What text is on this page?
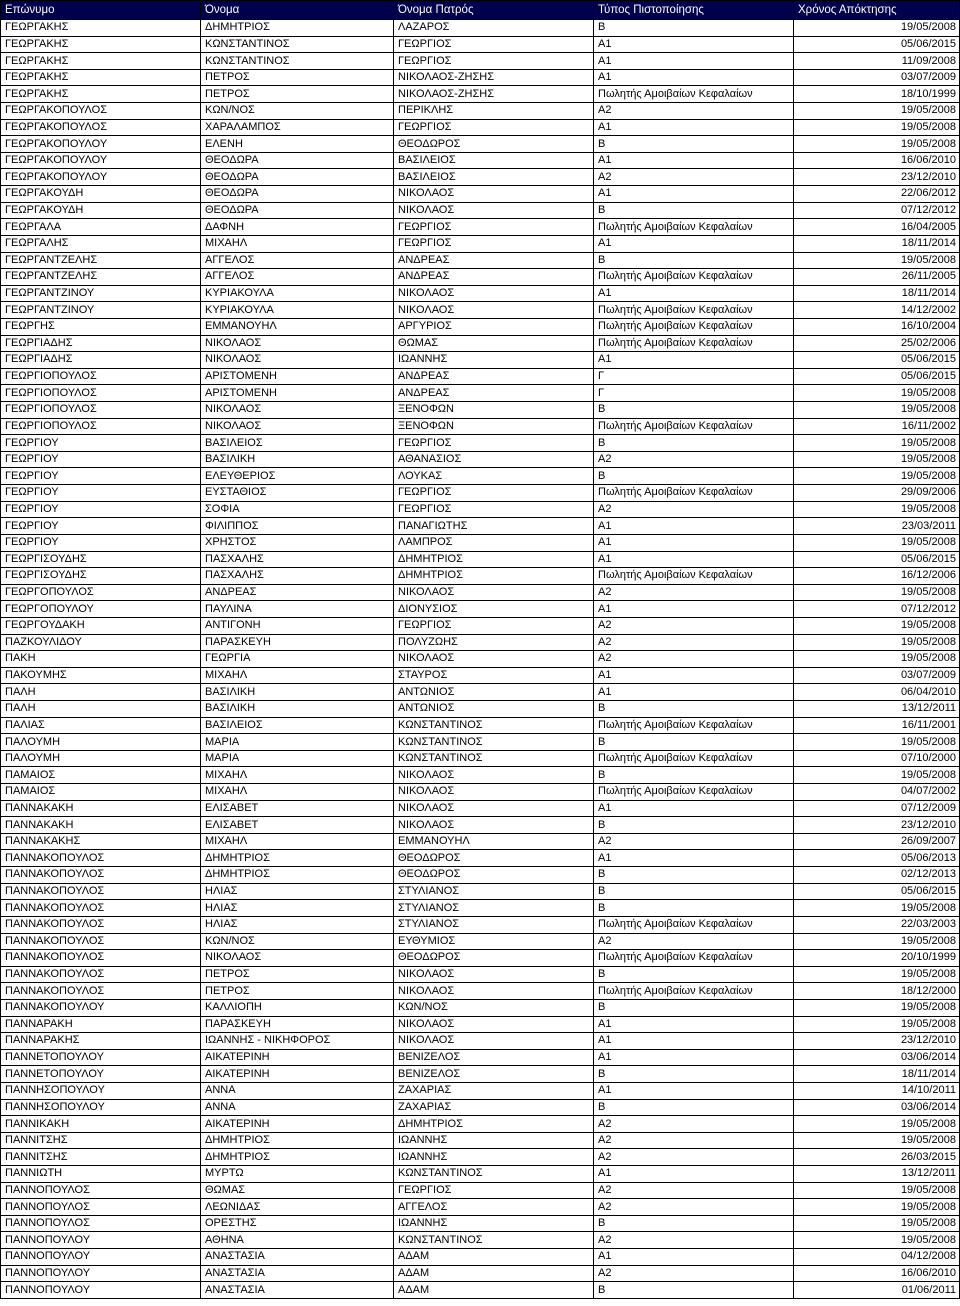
Επώνυμο	Όνομα	Όνομα Πατρός	Τύπος Πιστοποίησης	Χρόνος Απόκτησης
ΓΕΩΡΓΑΚΗΣ	ΔΗΜΗΤΡΙΟΣ	ΛΑΖΑΡΟΣ	Β	19/05/2008
ΓΕΩΡΓΑΚΗΣ	ΚΩΝΣΤΑΝΤΙΝΟΣ	ΓΕΩΡΓΙΟΣ	Α1	05/06/2015
ΓΕΩΡΓΑΚΗΣ	ΚΩΝΣΤΑΝΤΙΝΟΣ	ΓΕΩΡΓΙΟΣ	Α1	11/09/2008
ΓΕΩΡΓΑΚΗΣ	ΠΕΤΡΟΣ	ΝΙΚΟΛΑΟΣ-ΖΗΣΗΣ	Α1	03/07/2009
ΓΕΩΡΓΑΚΗΣ	ΠΕΤΡΟΣ	ΝΙΚΟΛΑΟΣ-ΖΗΣΗΣ	Πωλητής Αμοιβαίων Κεφαλαίων	18/10/1999
ΓΕΩΡΓΑΚΟΠΟΥΛΟΣ	ΚΩΝ/ΝΟΣ	ΠΕΡΙΚΛΗΣ	Α2	19/05/2008
ΓΕΩΡΓΑΚΟΠΟΥΛΟΣ	ΧΑΡΑΛΑΜΠΟΣ	ΓΕΩΡΓΙΟΣ	Α1	19/05/2008
ΓΕΩΡΓΑΚΟΠΟΥΛΟΥ	ΕΛΕΝΗ	ΘΕΟΔΩΡΟΣ	Β	19/05/2008
ΓΕΩΡΓΑΚΟΠΟΥΛΟΥ	ΘΕΟΔΩΡΑ	ΒΑΣΙΛΕΙΟΣ	Α1	16/06/2010
ΓΕΩΡΓΑΚΟΠΟΥΛΟΥ	ΘΕΟΔΩΡΑ	ΒΑΣΙΛΕΙΟΣ	Α2	23/12/2010
ΓΕΩΡΓΑΚΟΥΔΗ	ΘΕΟΔΩΡΑ	ΝΙΚΟΛΑΟΣ	Α1	22/06/2012
ΓΕΩΡΓΑΚΟΥΔΗ	ΘΕΟΔΩΡΑ	ΝΙΚΟΛΑΟΣ	Β	07/12/2012
ΓΕΩΡΓΑΛΑ	ΔΑΦΝΗ	ΓΕΩΡΓΙΟΣ	Πωλητής Αμοιβαίων Κεφαλαίων	16/04/2005
ΓΕΩΡΓΑΛΗΣ	ΜΙΧΑΗΛ	ΓΕΩΡΓΙΟΣ	Α1	18/11/2014
ΓΕΩΡΓΑΝΤΖΕΛΗΣ	ΑΓΓΕΛΟΣ	ΑΝΔΡΕΑΣ	Β	19/05/2008
ΓΕΩΡΓΑΝΤΖΕΛΗΣ	ΑΓΓΕΛΟΣ	ΑΝΔΡΕΑΣ	Πωλητής Αμοιβαίων Κεφαλαίων	26/11/2005
ΓΕΩΡΓΑΝΤΖΙΝΟΥ	ΚΥΡΙΑΚΟΥΛΑ	ΝΙΚΟΛΑΟΣ	Α1	18/11/2014
ΓΕΩΡΓΑΝΤΖΙΝΟΥ	ΚΥΡΙΑΚΟΥΛΑ	ΝΙΚΟΛΑΟΣ	Πωλητής Αμοιβαίων Κεφαλαίων	14/12/2002
ΓΕΩΡΓΗΣ	ΕΜΜΑΝΟΥΗΛ	ΑΡΓΥΡΙΟΣ	Πωλητής Αμοιβαίων Κεφαλαίων	16/10/2004
ΓΕΩΡΓΙΑΔΗΣ	ΝΙΚΟΛΑΟΣ	ΘΩΜΑΣ	Πωλητής Αμοιβαίων Κεφαλαίων	25/02/2006
ΓΕΩΡΓΙΑΔΗΣ	ΝΙΚΟΛΑΟΣ	ΙΩΑΝΝΗΣ	Α1	05/06/2015
ΓΕΩΡΓΙΟΠΟΥΛΟΣ	ΑΡΙΣΤΟΜΕΝΗ	ΑΝΔΡΕΑΣ	Γ	05/06/2015
ΓΕΩΡΓΙΟΠΟΥΛΟΣ	ΑΡΙΣΤΟΜΕΝΗ	ΑΝΔΡΕΑΣ	Γ	19/05/2008
ΓΕΩΡΓΙΟΠΟΥΛΟΣ	ΝΙΚΟΛΑΟΣ	ΞΕΝΟΦΩΝ	Β	19/05/2008
ΓΕΩΡΓΙΟΠΟΥΛΟΣ	ΝΙΚΟΛΑΟΣ	ΞΕΝΟΦΩΝ	Πωλητής Αμοιβαίων Κεφαλαίων	16/11/2002
ΓΕΩΡΓΙΟΥ	ΒΑΣΙΛΕΙΟΣ	ΓΕΩΡΓΙΟΣ	Β	19/05/2008
ΓΕΩΡΓΙΟΥ	ΒΑΣΙΛΙΚΗ	ΑΘΑΝΑΣΙΟΣ	Α2	19/05/2008
ΓΕΩΡΓΙΟΥ	ΕΛΕΥΘΕΡΙΟΣ	ΛΟΥΚΑΣ	Β	19/05/2008
ΓΕΩΡΓΙΟΥ	ΕΥΣΤΑΘΙΟΣ	ΓΕΩΡΓΙΟΣ	Πωλητής Αμοιβαίων Κεφαλαίων	29/09/2006
ΓΕΩΡΓΙΟΥ	ΣΟΦΙΑ	ΓΕΩΡΓΙΟΣ	Α2	19/05/2008
ΓΕΩΡΓΙΟΥ	ΦΙΛΙΠΠΟΣ	ΠΑΝΑΓΙΩΤΗΣ	Α1	23/03/2011
ΓΕΩΡΓΙΟΥ	ΧΡΗΣΤΟΣ	ΛΑΜΠΡΟΣ	Α1	19/05/2008
ΓΕΩΡΓΙΣΟΥΔΗΣ	ΠΑΣΧΑΛΗΣ	ΔΗΜΗΤΡΙΟΣ	Α1	05/06/2015
ΓΕΩΡΓΙΣΟΥΔΗΣ	ΠΑΣΧΑΛΗΣ	ΔΗΜΗΤΡΙΟΣ	Πωλητής Αμοιβαίων Κεφαλαίων	16/12/2006
ΓΕΩΡΓΟΠΟΥΛΟΣ	ΑΝΔΡΕΑΣ	ΝΙΚΟΛΑΟΣ	Α2	19/05/2008
ΓΕΩΡΓΟΠΟΥΛΟΥ	ΠΑΥΛΙΝΑ	ΔΙΟΝΥΣΙΟΣ	Α1	07/12/2012
ΓΕΩΡΓΟΥΔΑΚΗ	ΑΝΤΙΓΟΝΗ	ΓΕΩΡΓΙΟΣ	Α2	19/05/2008
ΠΑΖΚΟΥΛΙΔΟΥ	ΠΑΡΑΣΚΕΥΗ	ΠΟΛΥΖΩΗΣ	Α2	19/05/2008
ΠΑΚΗ	ΓΕΩΡΓΙΑ	ΝΙΚΟΛΑΟΣ	Α2	19/05/2008
ΠΑΚΟΥΜΗΣ	ΜΙΧΑΗΛ	ΣΤΑΥΡΟΣ	Α1	03/07/2009
ΠΑΛΗ	ΒΑΣΙΛΙΚΗ	ΑΝΤΩΝΙΟΣ	Α1	06/04/2010
ΠΑΛΗ	ΒΑΣΙΛΙΚΗ	ΑΝΤΩΝΙΟΣ	Β	13/12/2011
ΠΑΛΙΑΣ	ΒΑΣΙΛΕΙΟΣ	ΚΩΝΣΤΑΝΤΙΝΟΣ	Πωλητής Αμοιβαίων Κεφαλαίων	16/11/2001
ΠΑΛΟΥΜΗ	ΜΑΡΙΑ	ΚΩΝΣΤΑΝΤΙΝΟΣ	Β	19/05/2008
ΠΑΛΟΥΜΗ	ΜΑΡΙΑ	ΚΩΝΣΤΑΝΤΙΝΟΣ	Πωλητής Αμοιβαίων Κεφαλαίων	07/10/2000
ΠΑΜΑΙΟΣ	ΜΙΧΑΗΛ	ΝΙΚΟΛΑΟΣ	Β	19/05/2008
ΠΑΜΑΙΟΣ	ΜΙΧΑΗΛ	ΝΙΚΟΛΑΟΣ	Πωλητής Αμοιβαίων Κεφαλαίων	04/07/2002
ΠΑΝΝΑΚΑΚΗ	ΕΛΙΣΑΒΕΤ	ΝΙΚΟΛΑΟΣ	Α1	07/12/2009
ΠΑΝΝΑΚΑΚΗ	ΕΛΙΣΑΒΕΤ	ΝΙΚΟΛΑΟΣ	Β	23/12/2010
ΠΑΝΝΑΚΑΚΗΣ	ΜΙΧΑΗΛ	ΕΜΜΑΝΟΥΗΛ	Α2	26/09/2007
ΠΑΝΝΑΚΟΠΟΥΛΟΣ	ΔΗΜΗΤΡΙΟΣ	ΘΕΟΔΩΡΟΣ	Α1	05/06/2013
ΠΑΝΝΑΚΟΠΟΥΛΟΣ	ΔΗΜΗΤΡΙΟΣ	ΘΕΟΔΩΡΟΣ	Β	02/12/2013
ΠΑΝΝΑΚΟΠΟΥΛΟΣ	ΗΛΙΑΣ	ΣΤΥΛΙΑΝΟΣ	Β	05/06/2015
ΠΑΝΝΑΚΟΠΟΥΛΟΣ	ΗΛΙΑΣ	ΣΤΥΛΙΑΝΟΣ	Β	19/05/2008
ΠΑΝΝΑΚΟΠΟΥΛΟΣ	ΗΛΙΑΣ	ΣΤΥΛΙΑΝΟΣ	Πωλητής Αμοιβαίων Κεφαλαίων	22/03/2003
ΠΑΝΝΑΚΟΠΟΥΛΟΣ	ΚΩΝ/ΝΟΣ	ΕΥΘΥΜΙΟΣ	Α2	19/05/2008
ΠΑΝΝΑΚΟΠΟΥΛΟΣ	ΝΙΚΟΛΑΟΣ	ΘΕΟΔΩΡΟΣ	Πωλητής Αμοιβαίων Κεφαλαίων	20/10/1999
ΠΑΝΝΑΚΟΠΟΥΛΟΣ	ΠΕΤΡΟΣ	ΝΙΚΟΛΑΟΣ	Β	19/05/2008
ΠΑΝΝΑΚΟΠΟΥΛΟΣ	ΠΕΤΡΟΣ	ΝΙΚΟΛΑΟΣ	Πωλητής Αμοιβαίων Κεφαλαίων	18/12/2000
ΠΑΝΝΑΚΟΠΟΥΛΟΥ	ΚΑΛΛΙΟΠΗ	ΚΩΝ/ΝΟΣ	Β	19/05/2008
ΠΑΝΝΑΡΑΚΗ	ΠΑΡΑΣΚΕΥΗ	ΝΙΚΟΛΑΟΣ	Α1	19/05/2008
ΠΑΝΝΑΡΑΚΗΣ	ΙΩΑΝΝΗΣ - ΝΙΚΗΦΟΡΟΣ	ΝΙΚΟΛΑΟΣ	Α1	23/12/2010
ΠΑΝΝΕΤΟΠΟΥΛΟΥ	ΑΙΚΑΤΕΡΙΝΗ	ΒΕΝΙΖΕΛΟΣ	Α1	03/06/2014
ΠΑΝΝΕΤΟΠΟΥΛΟΥ	ΑΙΚΑΤΕΡΙΝΗ	ΒΕΝΙΖΕΛΟΣ	Β	18/11/2014
ΠΑΝΝΗΣΟΠΟΥΛΟΥ	ΑΝΝΑ	ΖΑΧΑΡΙΑΣ	Α1	14/10/2011
ΠΑΝΝΗΣΟΠΟΥΛΟΥ	ΑΝΝΑ	ΖΑΧΑΡΙΑΣ	Β	03/06/2014
ΠΑΝΝΙΚΑΚΗ	ΑΙΚΑΤΕΡΙΝΗ	ΔΗΜΗΤΡΙΟΣ	Α2	19/05/2008
ΠΑΝΝΙΤΣΗΣ	ΔΗΜΗΤΡΙΟΣ	ΙΩΑΝΝΗΣ	Α2	19/05/2008
ΠΑΝΝΙΤΣΗΣ	ΔΗΜΗΤΡΙΟΣ	ΙΩΑΝΝΗΣ	Α2	26/03/2015
ΠΑΝΝΙΩΤΗ	ΜΥΡΤΩ	ΚΩΝΣΤΑΝΤΙΝΟΣ	Α1	13/12/2011
ΠΑΝΝΟΠΟΥΛΟΣ	ΘΩΜΑΣ	ΓΕΩΡΓΙΟΣ	Α2	19/05/2008
ΠΑΝΝΟΠΟΥΛΟΣ	ΛΕΩΝΙΔΑΣ	ΑΓΓΕΛΟΣ	Α2	19/05/2008
ΠΑΝΝΟΠΟΥΛΟΣ	ΟΡΕΣΤΗΣ	ΙΩΑΝΝΗΣ	Β	19/05/2008
ΠΑΝΝΟΠΟΥΛΟΥ	ΑΘΗΝΑ	ΚΩΝΣΤΑΝΤΙΝΟΣ	Α2	19/05/2008
ΠΑΝΝΟΠΟΥΛΟΥ	ΑΝΑΣΤΑΣΙΑ	ΑΔΑΜ	Α1	04/12/2008
ΠΑΝΝΟΠΟΥΛΟΥ	ΑΝΑΣΤΑΣΙΑ	ΑΔΑΜ	Α2	16/06/2010
ΠΑΝΝΟΠΟΥΛΟΥ	ΑΝΑΣΤΑΣΙΑ	ΑΔΑΜ	Β	01/06/2011
